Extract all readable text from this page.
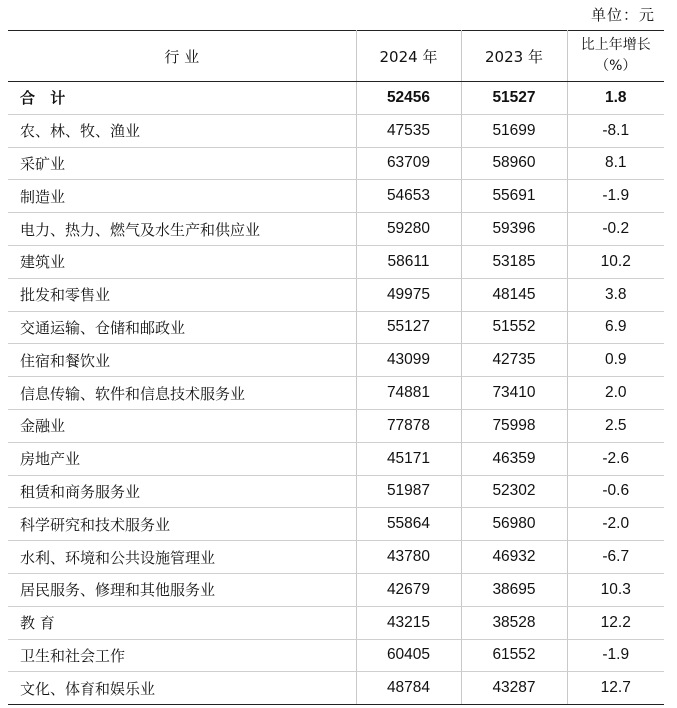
单位：元
行 业	2024 年	2023 年	比上年增长
（%）

合 计	52456	51527	1.8
农、林、牧、渔业	47535	51699	-8.1
采矿业	63709	58960	8.1
制造业	54653	55691	-1.9
电力、热力、燃气及水生产和供应业	59280	59396	-0.2
建筑业	58611	53185	10.2
批发和零售业	49975	48145	3.8
交通运输、仓储和邮政业	55127	51552	6.9
住宿和餐饮业	43099	42735	0.9
信息传输、软件和信息技术服务业	74881	73410	2.0
金融业	77878	75998	2.5
房地产业	45171	46359	-2.6
租赁和商务服务业	51987	52302	-0.6
科学研究和技术服务业	55864	56980	-2.0
水利、环境和公共设施管理业	43780	46932	-6.7
居民服务、修理和其他服务业	42679	38695	10.3
教 育	43215	38528	12.2
卫生和社会工作	60405	61552	-1.9
文化、体育和娱乐业	48784	43287	12.7
